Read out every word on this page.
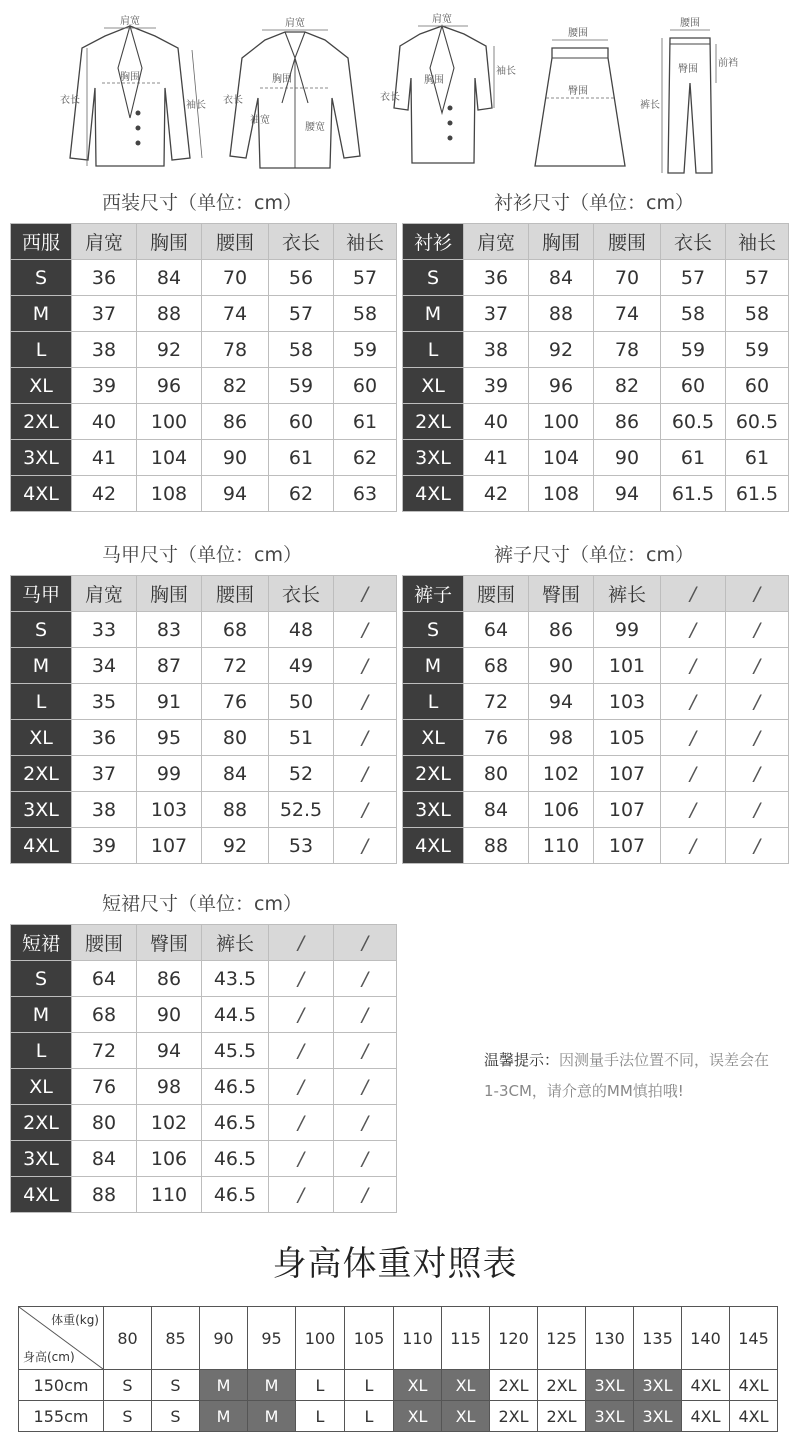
肩宽
胸围
衣长	袖长
肩宽
胸围
衣长
袖宽
腰宽
肩宽
胸围
衣长
袖长
腰围
臀围
腰围
臀围
前裆
裤长
西装尺寸（单位：cm）	衬衫尺寸（单位：cm）
马甲尺寸（单位：cm）	裤子尺寸（单位：cm）
短裙尺寸（单位：cm）
西服	肩宽	胸围	腰围	衣长	袖长
S	36	84	70	56	57
M	37	88	74	57	58
L	38	92	78	58	59
XL	39	96	82	59	60
2XL	40	100	86	60	61
3XL	41	104	90	61	62
4XL	42	108	94	62	63
衬衫	肩宽	胸围	腰围	衣长	袖长
S	36	84	70	57	57
M	37	88	74	58	58
L	38	92	78	59	59
XL	39	96	82	60	60
2XL	40	100	86	60.5	60.5
3XL	41	104	90	61	61
4XL	42	108	94	61.5	61.5
马甲	肩宽	胸围	腰围	衣长	/
S	33	83	68	48	/
M	34	87	72	49	/
L	35	91	76	50	/
XL	36	95	80	51	/
2XL	37	99	84	52	/
3XL	38	103	88	52.5	/
4XL	39	107	92	53	/
裤子	腰围	臀围	裤长	/	/
S	64	86	99	/	/
M	68	90	101	/	/
L	72	94	103	/	/
XL	76	98	105	/	/
2XL	80	102	107	/	/
3XL	84	106	107	/	/
4XL	88	110	107	/	/
短裙	腰围	臀围	裤长	/	/
S	64	86	43.5	/	/
M	68	90	44.5	/	/
L	72	94	45.5	/	/
XL	76	98	46.5	/	/
2XL	80	102	46.5	/	/
3XL	84	106	46.5	/	/
4XL	88	110	46.5	/	/
温馨提示：因测量手法位置不同，误差会在1-3CM，请介意的MM慎拍哦!
身高体重对照表
体重(kg)
身高(cm)	80	85	90	95	100	105	110	115	120	125	130	135	140	145
150cm	S	S	M	M	L	L	XL	XL	2XL	2XL	3XL	3XL	4XL	4XL
155cm	S	S	M	M	L	L	XL	XL	2XL	2XL	3XL	3XL	4XL	4XL
